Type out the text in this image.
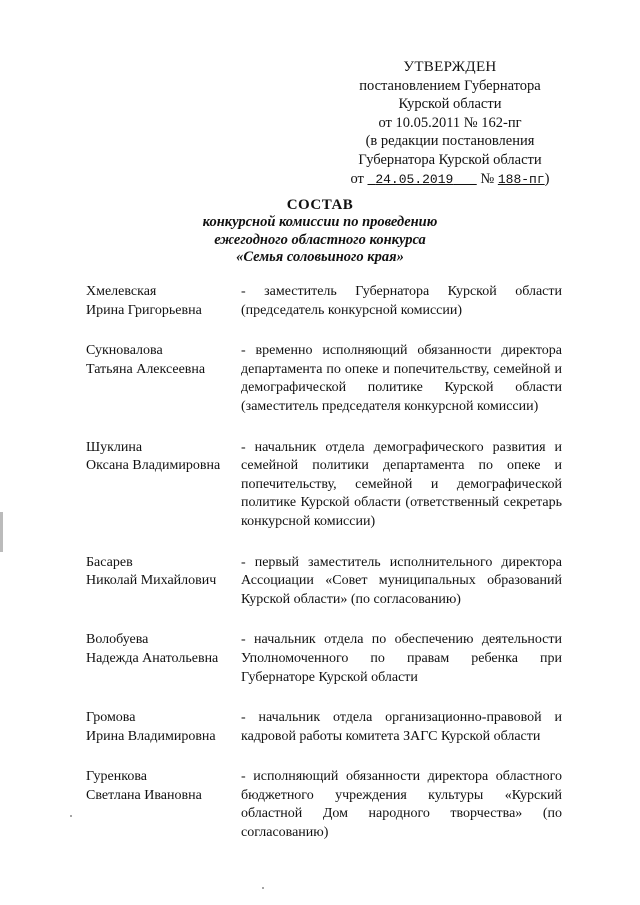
УТВЕРЖДЕН
постановлением Губернатора
Курской области
от 10.05.2011 № 162-пг
(в редакции постановления
Губернатора Курской области
от 24.05.2019 № 188-пг)
СОСТАВ
конкурсной комиссии по проведению
ежегодного областного конкурса
«Семья соловьиного края»
Хмелевская
Ирина Григорьевна
- заместитель Губернатора Курской области (председатель конкурсной комиссии)
Сукновалова
Татьяна Алексеевна
- временно исполняющий обязанности директора департамента по опеке и попечительству, семейной и демографической политике Курской области (заместитель председателя конкурсной комиссии)
Шуклина
Оксана Владимировна
- начальник отдела демографического развития и семейной политики департамента по опеке и попечительству, семейной и демографической политике Курской области (ответственный секретарь конкурсной комиссии)
Басарев
Николай Михайлович
- первый заместитель исполнительного директора Ассоциации «Совет муниципальных образований Курской области» (по согласованию)
Волобуева
Надежда Анатольевна
- начальник отдела по обеспечению деятельности Уполномоченного по правам ребенка при Губернаторе Курской области
Громова
Ирина Владимировна
- начальник отдела организационно-правовой и кадровой работы комитета ЗАГС Курской области
Гуренкова
Светлана Ивановна
- исполняющий обязанности директора областного бюджетного учреждения культуры «Курский областной Дом народного творчества» (по согласованию)
